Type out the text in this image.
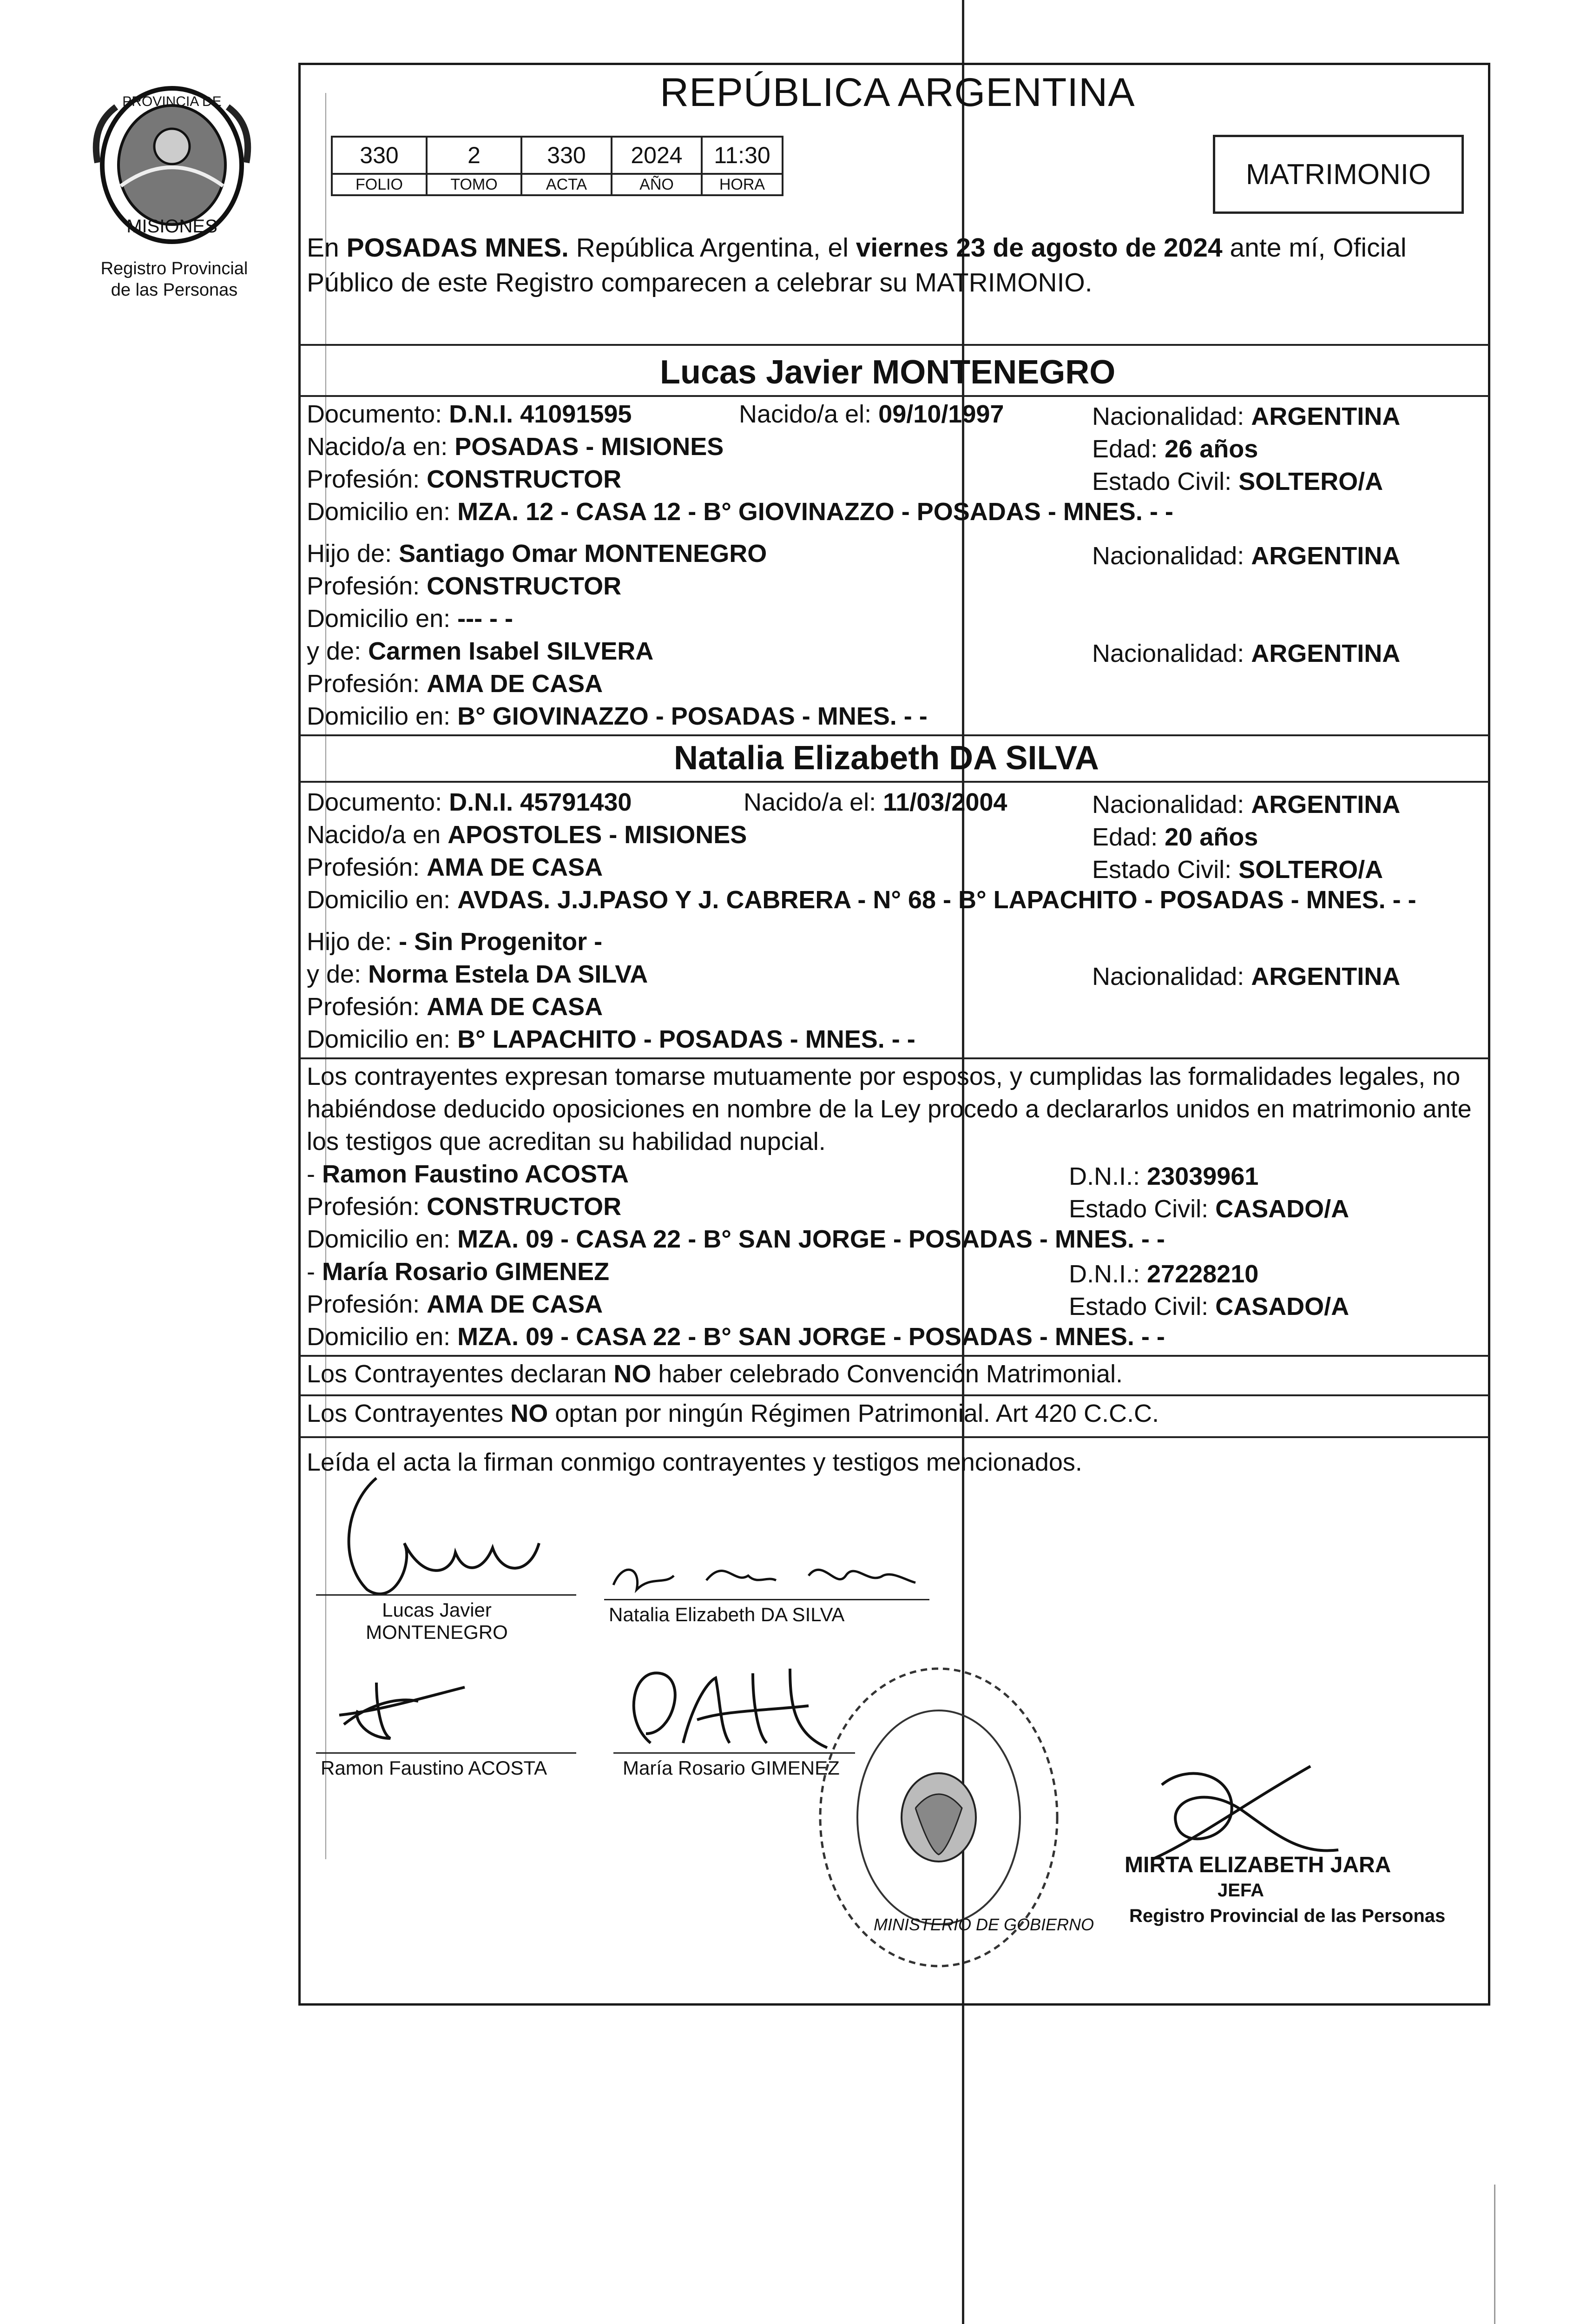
PROVINCIA DE
MISIONES
Registro Provincial
de las Personas
REPÚBLICA ARGENTINA
330	2	330	2024	11:30
FOLIO	TOMO	ACTA	AÑO	HORA	MATRIMONIO
En POSADAS MNES. República Argentina, el viernes 23 de agosto de 2024 ante mí, Oficial
Público de este Registro comparecen a celebrar su MATRIMONIO.
Lucas Javier MONTENEGRO
Documento: D.N.I. 41091595	Nacido/a el: 09/10/1997	Nacionalidad: ARGENTINA
Nacido/a en: POSADAS - MISIONES	Edad: 26 años
Profesión: CONSTRUCTOR	Estado Civil: SOLTERO/A
Domicilio en: MZA. 12 - CASA 12 - B° GIOVINAZZO - POSADAS - MNES. - -
Hijo de: Santiago Omar MONTENEGRO	Nacionalidad: ARGENTINA
Profesión: CONSTRUCTOR
Domicilio en: --- - -
y de: Carmen Isabel SILVERA	Nacionalidad: ARGENTINA
Profesión: AMA DE CASA
Domicilio en: B° GIOVINAZZO - POSADAS - MNES. - -
Natalia Elizabeth DA SILVA
Documento: D.N.I. 45791430	Nacido/a el: 11/03/2004	Nacionalidad: ARGENTINA
Nacido/a en APOSTOLES - MISIONES	Edad: 20 años
Profesión: AMA DE CASA	Estado Civil: SOLTERO/A
Domicilio en: AVDAS. J.J.PASO Y J. CABRERA - N° 68 - B° LAPACHITO - POSADAS - MNES. - -
Hijo de: - Sin Progenitor -
y de: Norma Estela DA SILVA	Nacionalidad: ARGENTINA
Profesión: AMA DE CASA
Domicilio en: B° LAPACHITO - POSADAS - MNES. - -
Los contrayentes expresan tomarse mutuamente por esposos, y cumplidas las formalidades legales, no
habiéndose deducido oposiciones en nombre de la Ley procedo a declararlos unidos en matrimonio ante
los testigos que acreditan su habilidad nupcial.
- Ramon Faustino ACOSTA	D.N.I.: 23039961
Profesión: CONSTRUCTOR	Estado Civil: CASADO/A
Domicilio en: MZA. 09 - CASA 22 - B° SAN JORGE - POSADAS - MNES. - -
- María Rosario GIMENEZ	D.N.I.: 27228210
Profesión: AMA DE CASA	Estado Civil: CASADO/A
Domicilio en: MZA. 09 - CASA 22 - B° SAN JORGE - POSADAS - MNES. - -
Los Contrayentes declaran NO haber celebrado Convención Matrimonial.
Los Contrayentes NO optan por ningún Régimen Patrimonial. Art 420 C.C.C.
Leída el acta la firman conmigo contrayentes y testigos mencionados.
Lucas Javier
MONTENEGRO
Natalia Elizabeth DA SILVA
Ramon Faustino ACOSTA	María Rosario GIMENEZ
MINISTERIO DE GOBIERNO
MIRTA ELIZABETH JARA
JEFA
Registro Provincial de las Personas
